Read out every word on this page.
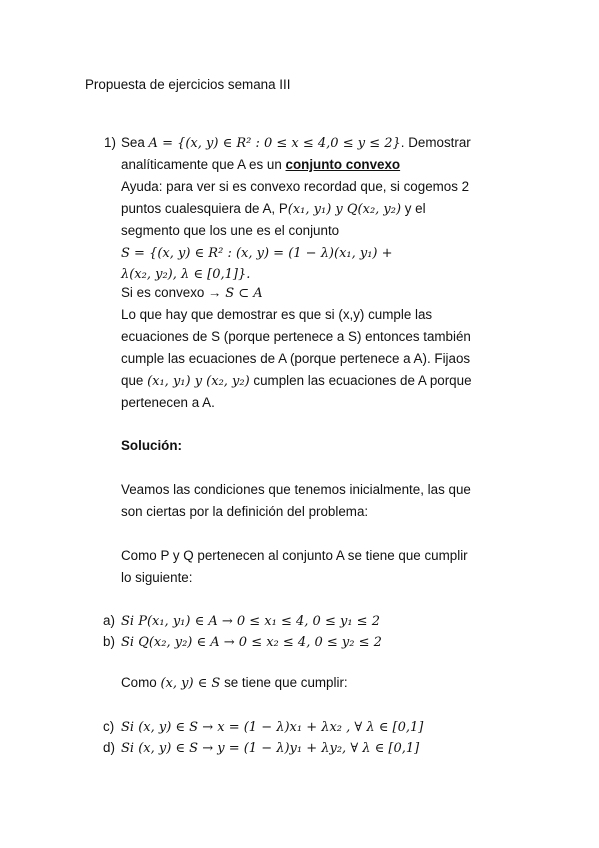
Propuesta de ejercicios semana III
1) Sea A = {(x, y) ∈ R² : 0 ≤ x ≤ 4,0 ≤ y ≤ 2}. Demostrar
analíticamente que A es un conjunto convexo
Ayuda: para ver si es convexo recordad que, si cogemos 2
puntos cualesquiera de A, P(x₁, y₁) y Q(x₂, y₂) y el
segmento que los une es el conjunto
S = {(x, y) ∈ R² : (x, y) = (1 − λ)(x₁, y₁) +
λ(x₂, y₂), λ ∈ [0,1]}.
Si es convexo → S ⊂ A
Lo que hay que demostrar es que si (x,y) cumple las
ecuaciones de S (porque pertenece a S) entonces también
cumple las ecuaciones de A (porque pertenece a A). Fijaos
que (x₁, y₁) y (x₂, y₂) cumplen las ecuaciones de A porque
pertenecen a A.
Solución:
Veamos las condiciones que tenemos inicialmente, las que
son ciertas por la definición del problema:
Como P y Q pertenecen al conjunto A se tiene que cumplir
lo siguiente:
a) Si P(x₁, y₁) ∈ A → 0 ≤ x₁ ≤ 4, 0 ≤ y₁ ≤ 2
b) Si Q(x₂, y₂) ∈ A → 0 ≤ x₂ ≤ 4, 0 ≤ y₂ ≤ 2
Como (x, y) ∈ S se tiene que cumplir:
c) Si (x, y) ∈ S → x = (1 − λ)x₁ + λx₂ , ∀ λ ∈ [0,1]
d) Si (x, y) ∈ S → y = (1 − λ)y₁ + λy₂, ∀ λ ∈ [0,1]
